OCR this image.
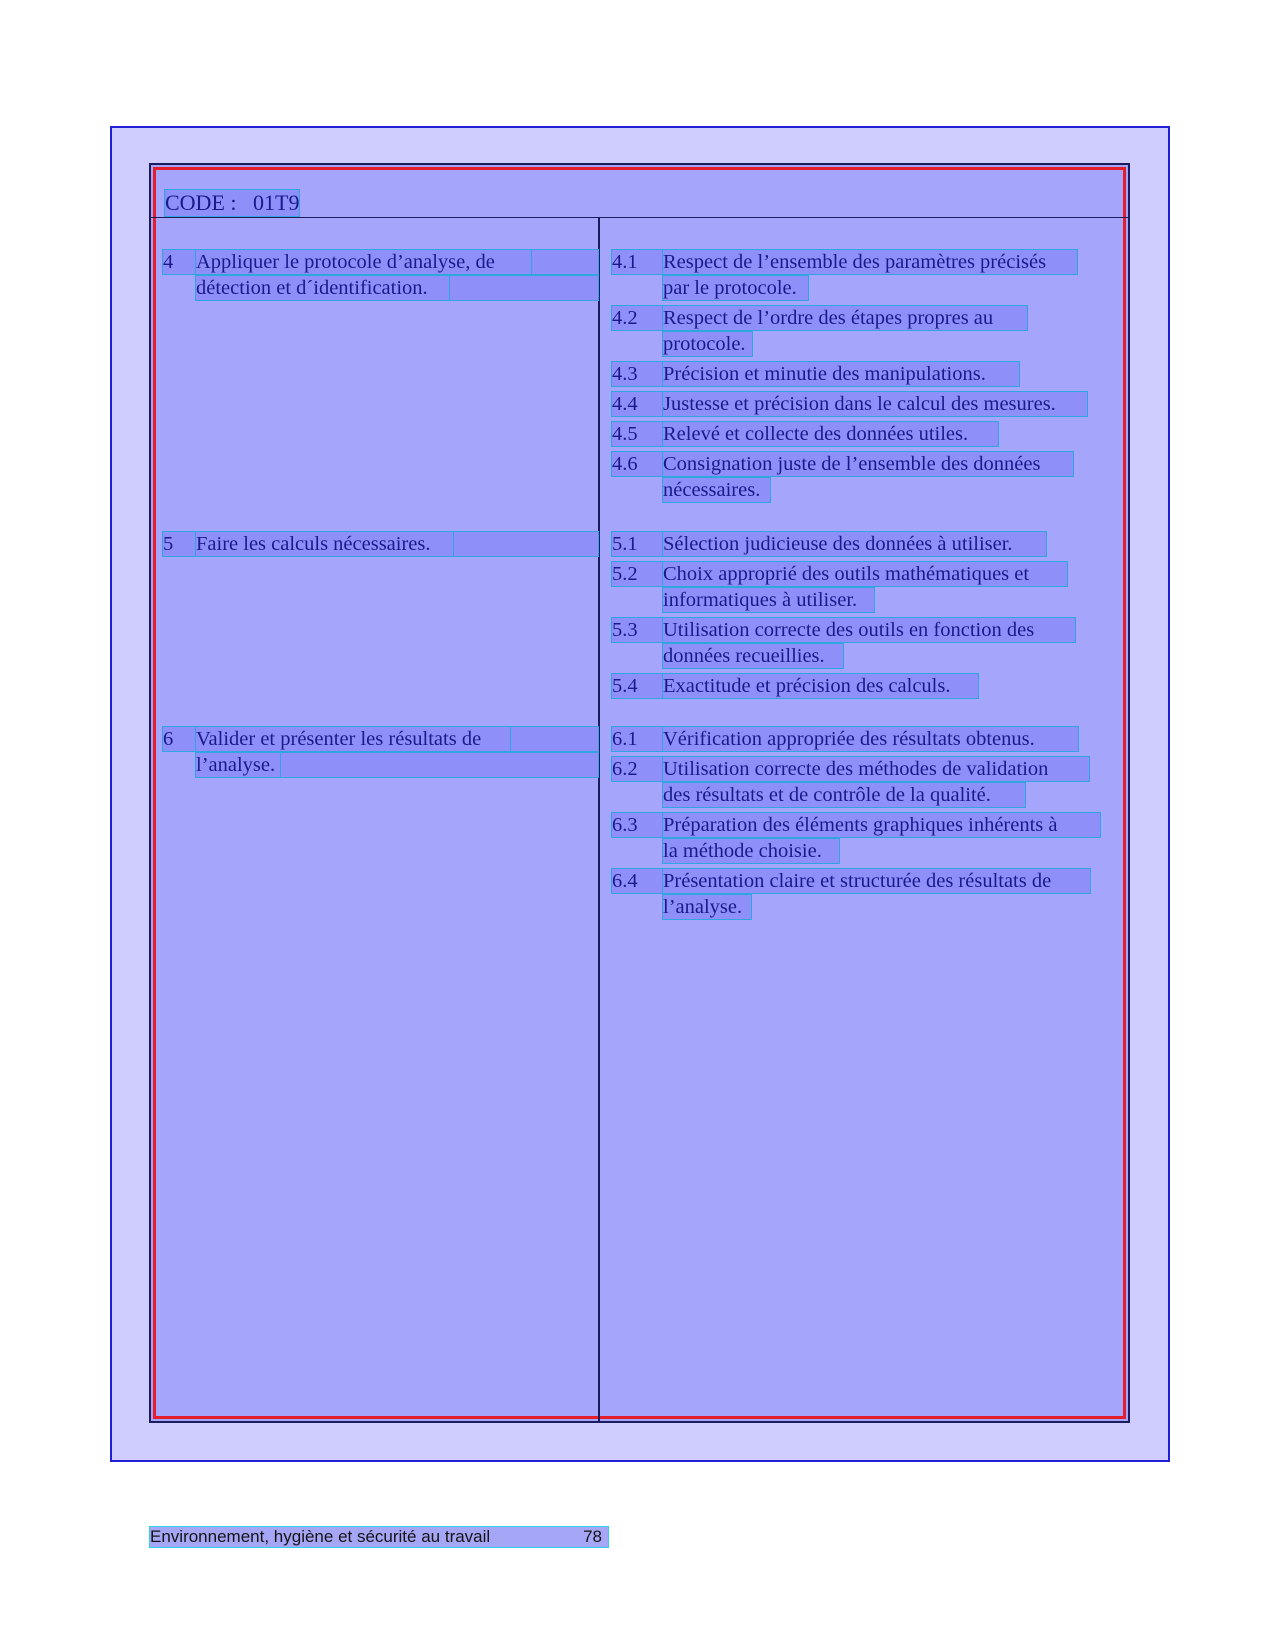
CODE : 01T9
4	Appliquer le protocole d’analyse, de
détection et d´identification.
4.1	Respect de l’ensemble des paramètres précisés
par le protocole.
4.2	Respect de l’ordre des étapes propres au
protocole.
4.3	Précision et minutie des manipulations.
4.4	Justesse et précision dans le calcul des mesures.
4.5	Relevé et collecte des données utiles.
4.6	Consignation juste de l’ensemble des données
nécessaires.
5	Faire les calculs nécessaires.	5.1	Sélection judicieuse des données à utiliser.
5.2	Choix approprié des outils mathématiques et
informatiques à utiliser.
5.3	Utilisation correcte des outils en fonction des
données recueillies.
5.4	Exactitude et précision des calculs.
6	Valider et présenter les résultats de
l’analyse.
6.1	Vérification appropriée des résultats obtenus.
6.2	Utilisation correcte des méthodes de validation
des résultats et de contrôle de la qualité.
6.3	Préparation des éléments graphiques inhérents à
la méthode choisie.
6.4	Présentation claire et structurée des résultats de
l’analyse.
Environnement, hygiène et sécurité au travail	78
